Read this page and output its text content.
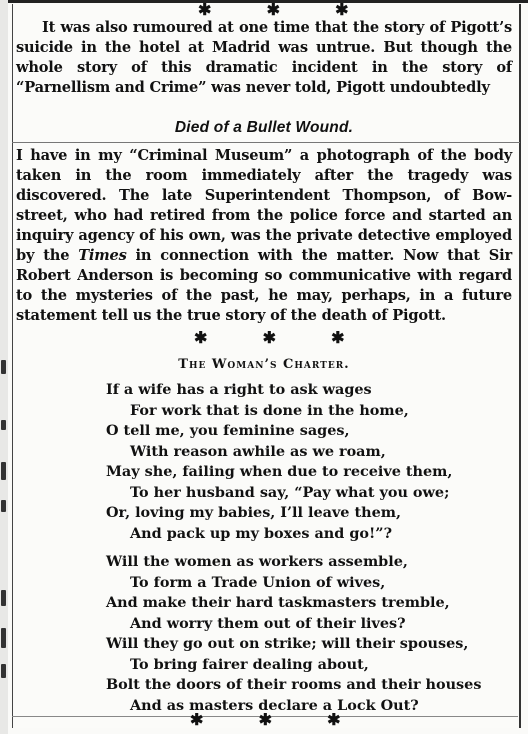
✱	✱	✱

It was also rumoured at one time that the story of Pigott’s suicide in the hotel at Madrid was untrue. But though the whole story of this dramatic incident in the story of “Parnellism and Crime” was never told, Pigott undoubtedly

Died of a Bullet Wound.

I have in my “Criminal Museum” a photograph of the body taken in the room immediately after the tragedy was discovered. The late Superintendent Thompson, of Bow-street, who had retired from the police force and started an inquiry agency of his own, was the private detective employed by the Times in connection with the matter. Now that Sir Robert Anderson is becoming so communicative with regard to the mysteries of the past, he may, perhaps, in a future statement tell us the true story of the death of Pigott.

✱	✱	✱
The Woman’s Charter.
If a wife has a right to ask wages
For work that is done in the home,
O tell me, you feminine sages,
With reason awhile as we roam,
May she, failing when due to receive them,
To her husband say, “Pay what you owe;
Or, loving my babies, I’ll leave them,
And pack up my boxes and go!”?
Will the women as workers assemble,
To form a Trade Union of wives,
And make their hard taskmasters tremble,
And worry them out of their lives?
Will they go out on strike; will their spouses,
To bring fairer dealing about,
Bolt the doors of their rooms and their houses
And as masters declare a Lock Out?
✱	✱	✱
